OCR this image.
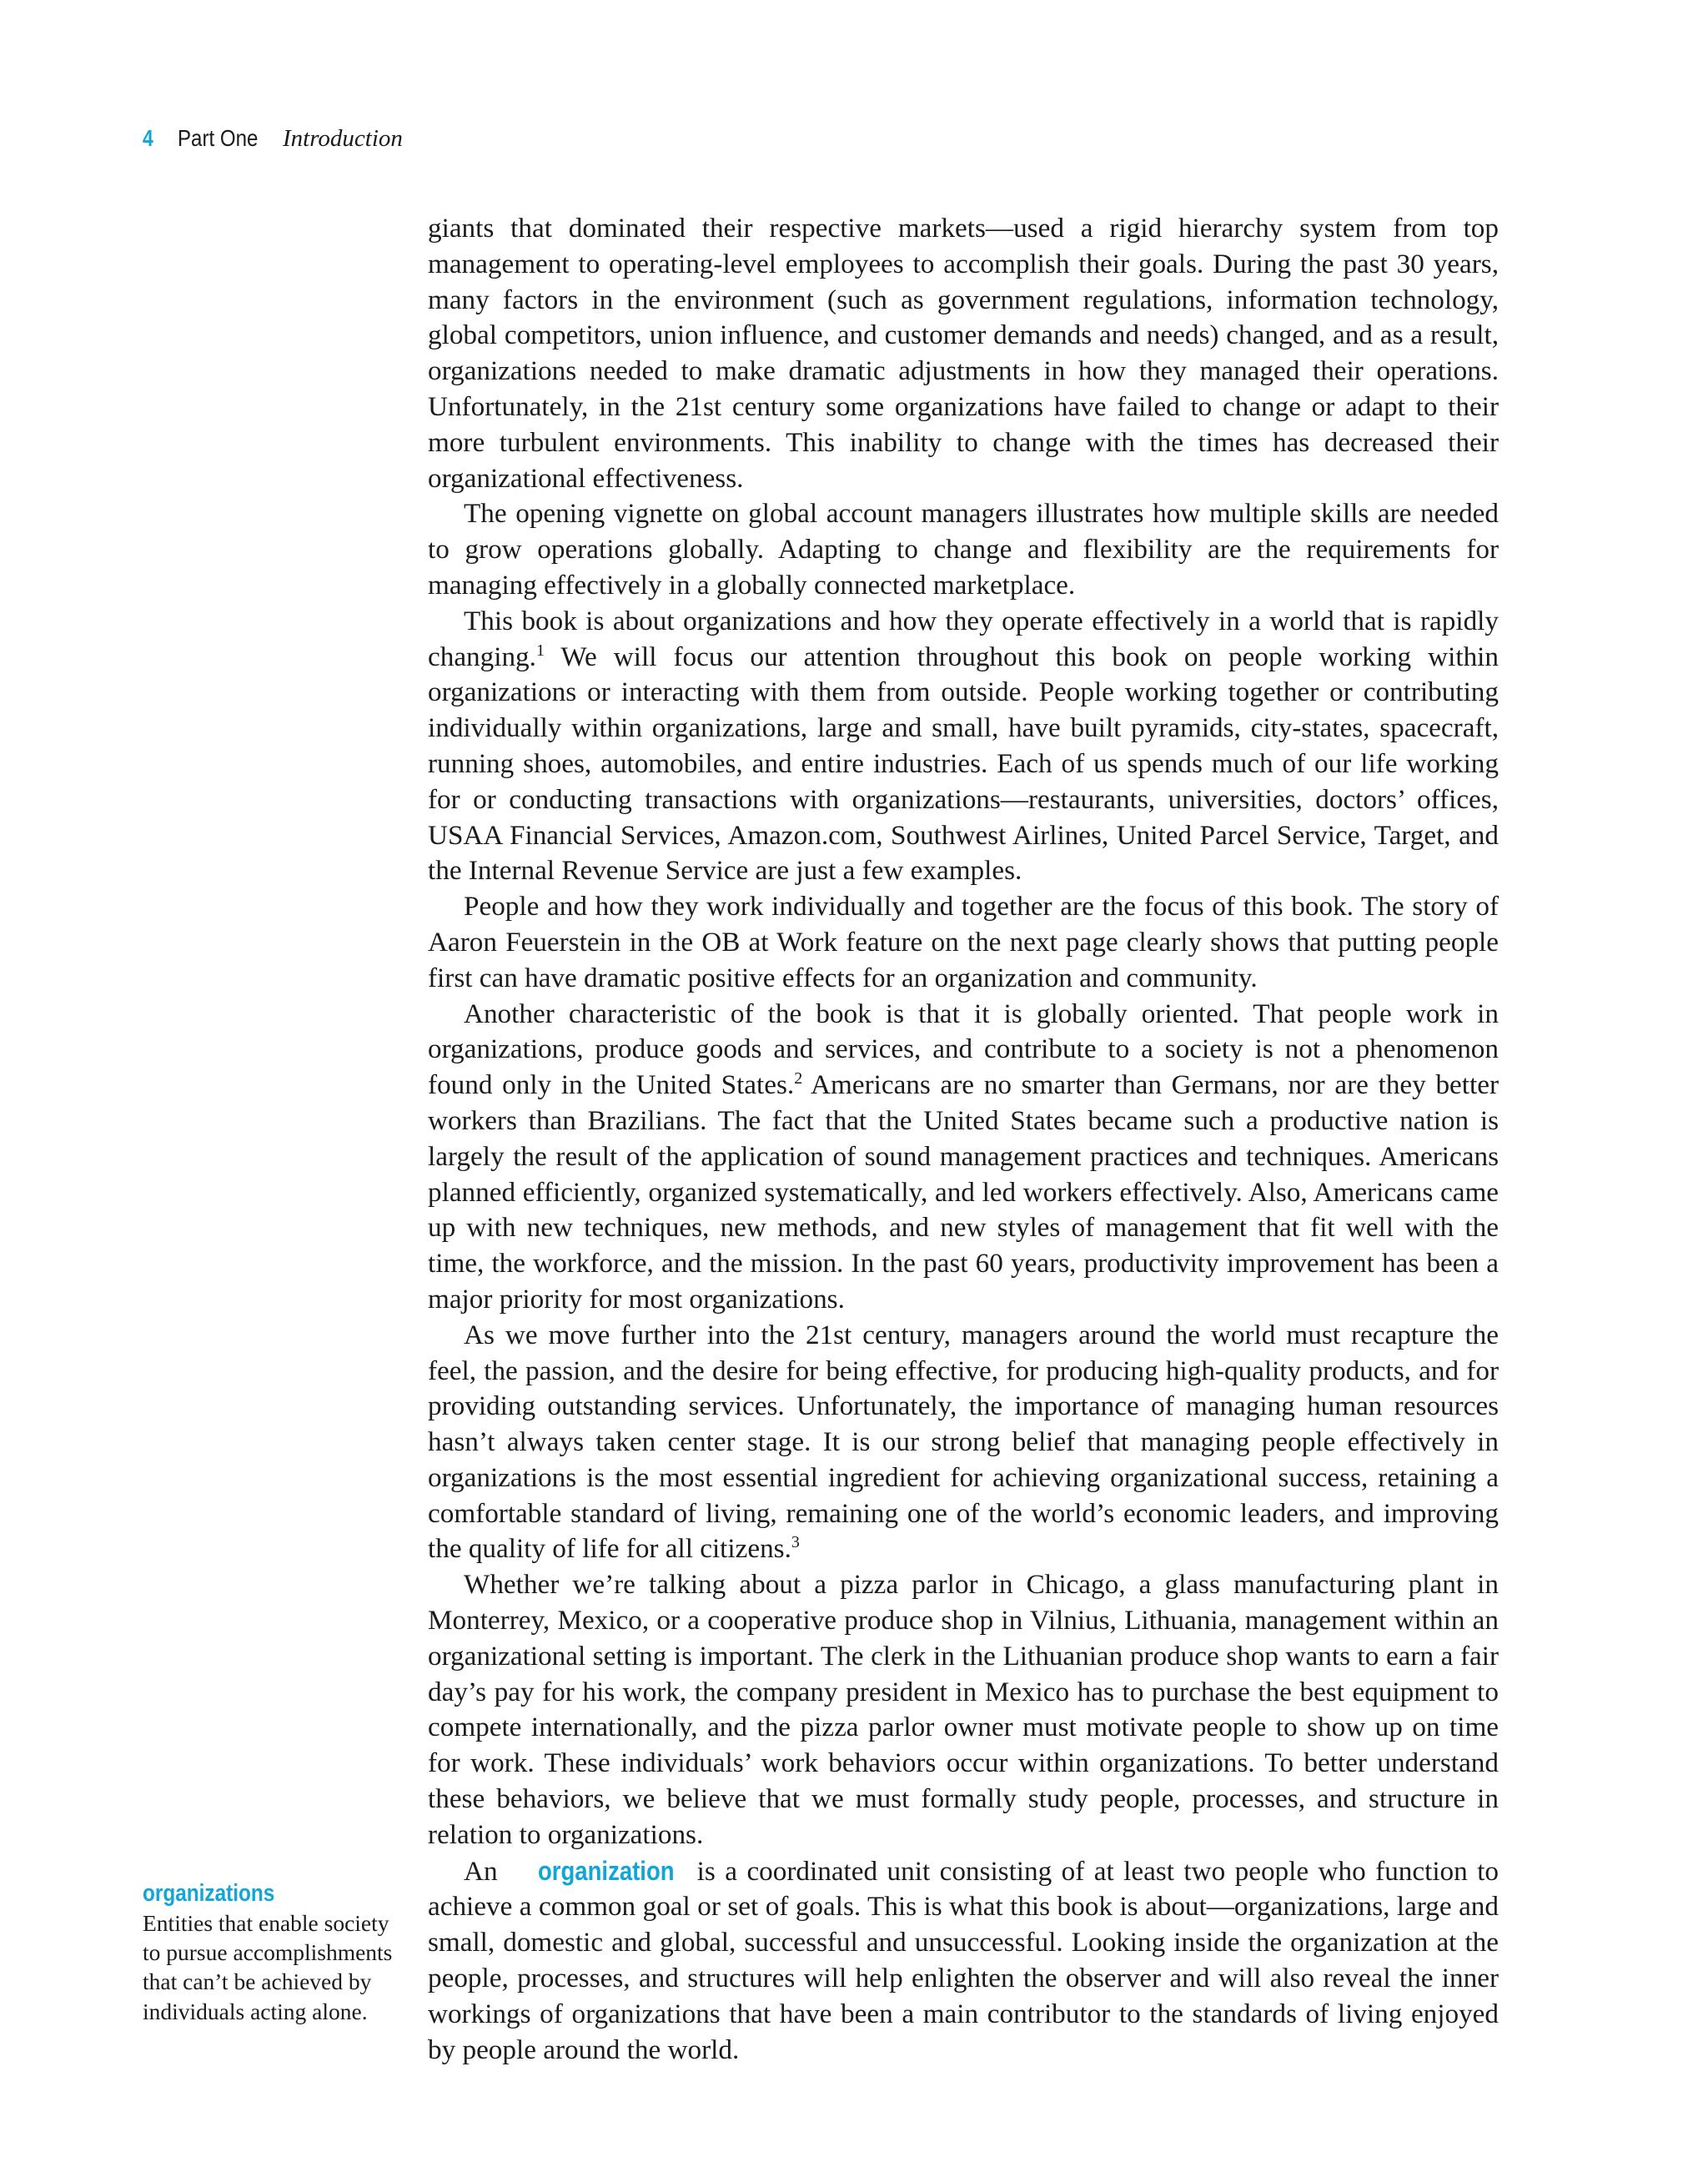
4 Part One Introduction

giants that dominated their respective markets—used a rigid hierarchy system from top management to operating-level employees to accomplish their goals. During the past 30 years, many factors in the environment (such as government regulations, information technology, global competitors, union influence, and customer demands and needs) changed, and as a result, organizations needed to make dramatic adjustments in how they managed their operations. Unfortunately, in the 21st century some organizations have failed to change or adapt to their more turbulent environments. This inability to change with the times has decreased their organizational effectiveness.

The opening vignette on global account managers illustrates how multiple skills are needed to grow operations globally. Adapting to change and flexibility are the requirements for managing effectively in a globally connected marketplace.

This book is about organizations and how they operate effectively in a world that is rapidly changing.$^1$ We will focus our attention throughout this book on people working within organizations or interacting with them from outside. People working together or contributing individually within organizations, large and small, have built pyramids, city-states, spacecraft, running shoes, automobiles, and entire industries. Each of us spends much of our life working for or conducting transactions with organizations—restaurants, universities, doctors’ offices, USAA Financial Services, Amazon.com, Southwest Airlines, United Parcel Service, Target, and the Internal Revenue Service are just a few examples.

People and how they work individually and together are the focus of this book. The story of Aaron Feuerstein in the OB at Work feature on the next page clearly shows that putting people first can have dramatic positive effects for an organization and community.

Another characteristic of the book is that it is globally oriented. That people work in organizations, produce goods and services, and contribute to a society is not a phenomenon found only in the United States.$^2$ Americans are no smarter than Germans, nor are they better workers than Brazilians. The fact that the United States became such a productive nation is largely the result of the application of sound management practices and techniques. Americans planned efficiently, organized systematically, and led workers effectively. Also, Americans came up with new techniques, new methods, and new styles of management that fit well with the time, the workforce, and the mission. In the past 60 years, productivity improvement has been a major priority for most organizations.

As we move further into the 21st century, managers around the world must recapture the feel, the passion, and the desire for being effective, for producing high-quality products, and for providing outstanding services. Unfortunately, the importance of managing human resources hasn’t always taken center stage. It is our strong belief that managing people effectively in organizations is the most essential ingredient for achieving organizational success, retaining a comfortable standard of living, remaining one of the world’s economic leaders, and improving the quality of life for all citizens.$^3$

Whether we’re talking about a pizza parlor in Chicago, a glass manufacturing plant in Monterrey, Mexico, or a cooperative produce shop in Vilnius, Lithuania, management within an organizational setting is important. The clerk in the Lithuanian produce shop wants to earn a fair day’s pay for his work, the company president in Mexico has to purchase the best equipment to compete internationally, and the pizza parlor owner must motivate people to show up on time for work. These individuals’ work behaviors occur within organizations. To better understand these behaviors, we believe that we must formally study people, processes, and structure in relation to organizations.

An organization is a coordinated unit consisting of at least two people who function to achieve a common goal or set of goals. This is what this book is about—organizations, large and small, domestic and global, successful and unsuccessful. Looking inside the organization at the people, processes, and structures will help enlighten the observer and will also reveal the inner workings of organizations that have been a main contributor to the standards of living enjoyed by people around the world.

organizations
Entities that enable society to pursue accomplishments that can’t be achieved by individuals acting alone.
